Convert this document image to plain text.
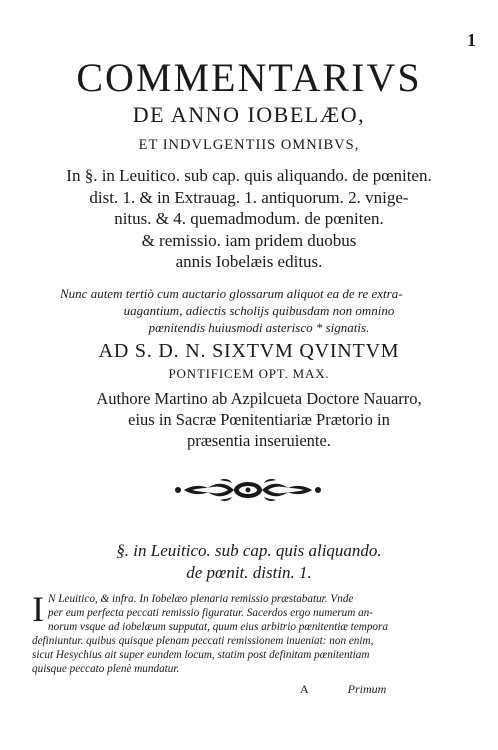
1
COMMENTARIVS
DE ANNO IOBELÆO,
ET INDVLGENTIIS OMNIBVS,
In §. in Leuitico. sub cap. quis aliquando. de pœniten.
dist. 1. & in Extrauag. 1. antiquorum. 2. vnige-
nitus. & 4. quemadmodum. de pœniten.
& remissio. iam pridem duobus
annis Iobelæis editus.
Nunc autem tertiò cum auctario glossarum aliquot ea de re extra-
uagantium, adiectis scholijs quibusdam non omnino
pœnitendis huiusmodi asterisco * signatis.
AD S. D. N. SIXTVM QVINTVM
PONTIFICEM OPT. MAX.
Authore Martino ab Azpilcueta Doctore Nauarro,
eius in Sacræ Pœnitentiariæ Prætorio in
præsentia inseruiente.
§. in Leuitico. sub cap. quis aliquando.
de pœnit. distin. 1.
I N Leuitico, & infra. In Iobelæo plenaria remissio præstabatur. Vnde
per eum perfecta peccati remissio figuratur. Sacerdos ergo numerum an-
norum vsque ad iobelæum supputat, quum eius arbitrio pœnitentiæ tempora
definiuntur. quibus quisque plenam peccati remissionem inueniat: non enim,
sicut Hesychius ait super eundem locum, statim post definitam pœnitentiam
quisque peccato plenè mundatur.
A	Primum
